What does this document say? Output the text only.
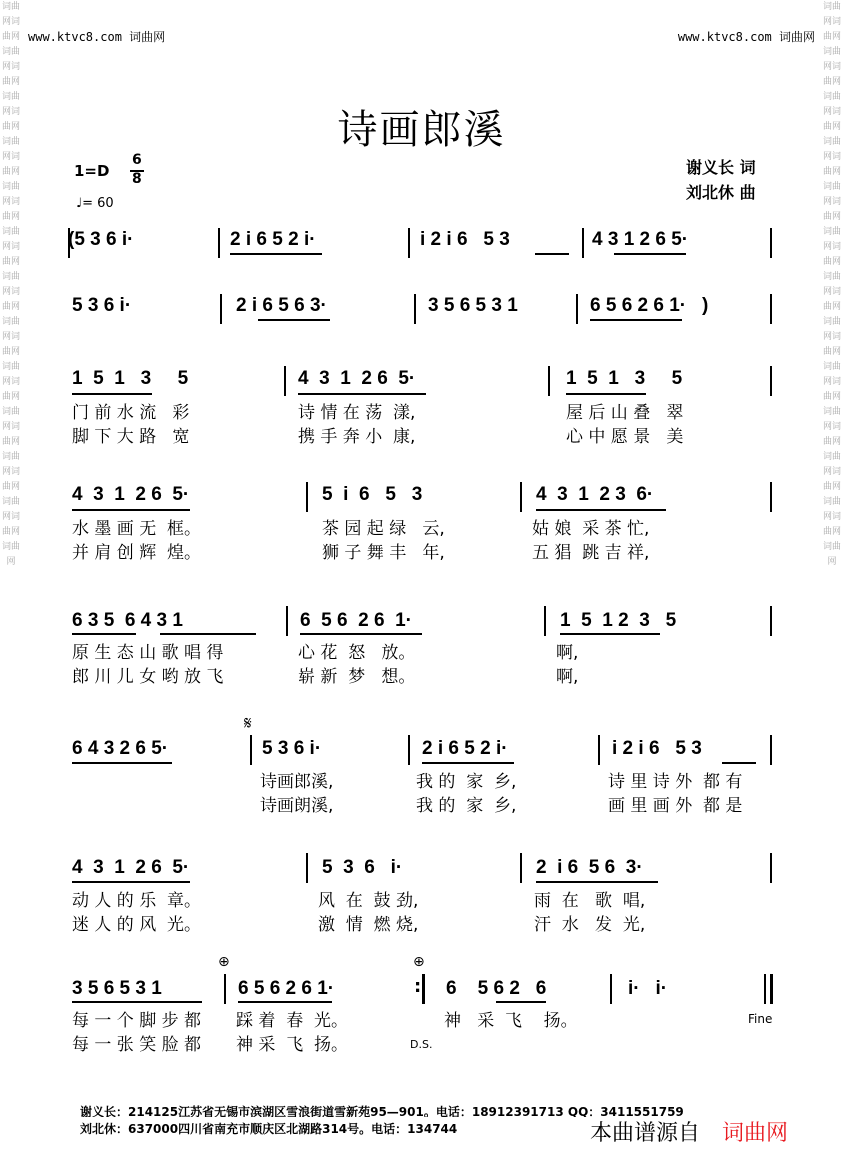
词曲网词曲网词曲网词曲网词曲网词曲网词曲网词曲网词曲网词曲网词曲网词曲网词曲网词曲网词曲网词曲网词曲网词曲网词曲网词曲网词曲网词曲网词曲网词曲网词曲网
词曲网词曲网词曲网词曲网词曲网词曲网词曲网词曲网词曲网词曲网词曲网词曲网词曲网词曲网词曲网词曲网词曲网词曲网词曲网词曲网词曲网词曲网词曲网词曲网词曲网
www.ktvc8.com 词曲网	www.ktvc8.com 词曲网
诗画郎溪
1=D
6
8
♩= 60
谢义长 词
刘北休 曲
(5 3 6 i·	2 i 6 5 2 i·	i 2 i 6   5 3	4 3 1 2 6 5·
5 3 6 i·	2 i 6 5 6 3·	3 5 6 5 3 1	6 5 6 2 6 1·   )
1  5  1   3     5	4  3  1  2 6  5·	1  5  1   3     5
门 前 水 流   彩	诗 情 在 荡  漾,	屋 后 山 叠   翠
脚 下 大 路   宽	携 手 奔 小  康,	心 中 愿 景   美
4  3  1  2 6  5·	5  i  6   5   3	4  3  1  2 3  6·
水 墨 画 无  框。	茶 园 起 绿   云,	姑 娘  采 茶 忙,
并 肩 创 辉  煌。	狮 子 舞 丰   年,	五 猖  跳 吉 祥,
6 3 5  6 4 3 1	6  5 6  2 6  1·	1  5  1 2  3   5
原 生 态 山 歌 唱 得	心 花  怒   放。	啊,
郎 川 儿 女 哟 放 飞	崭 新  梦   想。	啊,
𝄋
6 4 3 2 6 5·	5 3 6 i·	2 i 6 5 2 i·	i 2 i 6   5 3
诗画郎溪,	我 的  家  乡,	诗 里 诗 外  都 有
诗画朗溪,	我 的  家  乡,	画 里 画 外  都 是
4  3  1  2 6  5·	5  3  6   i·	2  i 6  5 6  3·
动 人 的 乐  章。	风  在  鼓 劲,	雨  在   歌  唱,
迷 人 的 风  光。	激  情  燃 烧,	汗  水   发  光,
⊕	⊕
3 5 6 5 3 1	6 5 6 2 6 1·	: 6    5 6 2   6	i·   i·
每 一 个 脚 步 都 踩 着  春  光。	神   采  飞    扬。	Fine
每 一 张 笑 脸 都 神 采  飞  扬。	D.S.
谢义长：214125江苏省无锡市滨湖区雪浪街道雪新苑95—901。电话：18912391713 QQ：3411551759
刘北休：637000四川省南充市顺庆区北湖路314号。电话：134744	本曲谱源自 词曲网
